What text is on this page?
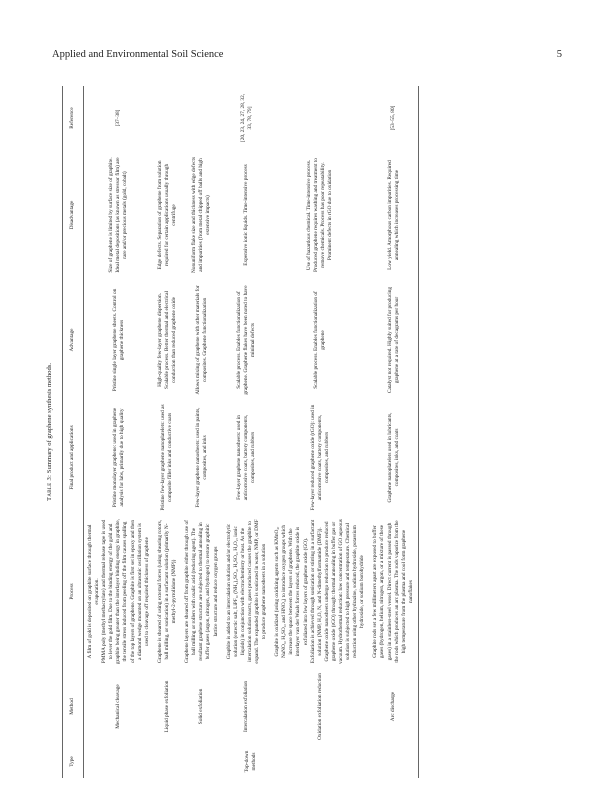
Applied and Environmental Soil Science	5
Table 3: Summary of graphene synthesis methods.
Type	Method	Process	Final product and applications	Advantage	Disadvantage	Reference
Top-down methods	Mechanical cleavage	A film of gold is deposited on graphite surface through thermal evaporation. PMMA poly (methyl methacrylate) and thermal release tape is used to lever the gold film. Due to the binding energy of the gold and graphite being greater than the interlayer binding energy in graphite, the tensile stress induced from peeling off the film causes spalling of the top layers of graphene. Graphite is first set in epoxy and then a diamond wedge mounted on an ultrasonic oscillation system is used to cleavage off required thickness of graphene	Pristine monolayer graphene: used in graphene analysis for labs, primarily due to high quality	Pristine single layer graphene sheets. Control on graphene thickness	Size of graphene is limited by surface size of graphite. Ideal metal depositions (as known as stressor film) are rare and/or precious metals (gold, cobalt)	[37–38]
	Liquid phase exfoliation	Graphene is sheared of using external forces (using shearing rotors, ball milling, or sonication) in a surfactant solution (primarily N-methyl-2-pyrrolidone (NMP))	Pristine few-layer graphene nanoplatelets: used as composite filler inks and conductive coats	High-quality few-layer graphene dispersion. Scalable process. Better thermal and electrical conduction than reduced graphene oxide	Edge defects. Separation of graphene from solution required for certain applications usually through centrifuge	
	Solid exfoliation	Graphene layers are sheared off from graphite either through use of ball milling or rollers with oxalic acid (reducing agent). The resultant graphene structure are subjected to thermal annealing in buffer gases (argon, nitrogen, and hydrogen) to restore graphitic lattice structure and reduce oxygen groups	Few-layer graphene nanosheets: used in paints, composites, and inks	Allows mixing of graphene with other materials for composites. Graphene functionalization	Nonuniform flake size and thickness with edge defects and impurities (from metal chipped off balls and high extensive impacts)	
	Intercalation exfoliation	Graphite is added to an intercalation solution and/or electrolytic solution (eutectic salt, LiPF₆, (NH₄)₂SO₄, H₂SO₄, H₂O₂, ionic liquids) in conjunction with electrochemistry or heat. As the intercalation solution reacts, gases produced causes the graphite to expand. The expanded graphite is sonicated in water, NMP, or DMF to produce graphene nanosheets in a solution	Few-layer graphene nanosheets: used in anticorrosive coats, battery components, composites, and rubbers	Scalable process. Enables functionalization of graphene. Graphene flakes have been noted to have minimal defects	Expensive ionic liquids. Time-intensive process	[20, 23, 24, 27, 28, 32, 33, 78, 79]
	Oxidation exfoliation reduction	Graphite is oxidized (using oxidizing agents such as KMnO₄, NaNO₃, H₂SO₄, and HNO₃) to introduce oxygen groups which increase the space between the layers of graphene. With the interlayer van der Waals forces reduced, the graphite oxide is exfoliated into few layers of graphene oxide (GO). Exfoliation is achieved through sonication or stirring in a surfactant solution (NMP, H₂O, N, and N-dimethylformamide (DMF)). Graphene oxide nanosheets undergo reduction to produce reduced graphene oxide (rGO) through: thermal annealing in buffer gas or vacuum. Hydrothermal reduction: low concentration of GO aqueous solution is subjected to high pressure and temperature. Chemical reduction using other hydrazine, sodium hydroxide, potassium hydroxide, or sodium borohydride	Few-layer reduced graphene oxide (rGO): used in anticorrosive coats, battery components, composites, and rubbers	Scalable process. Enables functionalization of graphene	Use of hazardous chemical. Time-intensive process. Produced graphene requires washing and treatment to remove chemicals. Process has poor repeatability. Prominent defects in rGO due to oxidation	
	Arc discharge	Graphite rods set a few millimeters apart are exposed to buffer gases (hydrogen, helium, nitrogen, argon, or a mixture of these gases) in a stainless-steel vessel. Direct current is passed through the rods which produces an arc plasma. The rods vaporize from the high temperature from the plasma and cool form graphene nanoflakes	Graphene nanoplatelets used in lubricants, composites, inks, and coats	Catalyst not required. Highly suited for producing graphene at a rate of decagrams per hour	Low yield. Amorphous carbon impurities. Required annealing which increases processing time	[53–55, 80]
